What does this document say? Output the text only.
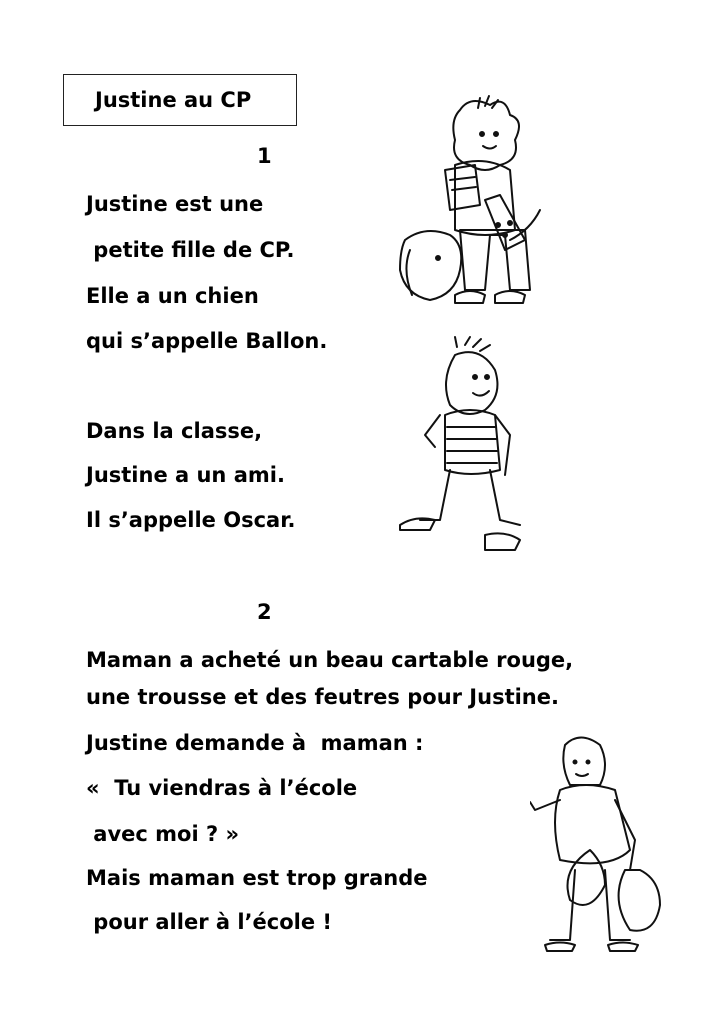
Justine au CP

1

Justine est une

petite fille de CP.

Elle a un chien

qui s’appelle Ballon.

Dans la classe,

Justine a un ami.

Il s’appelle Oscar.

2

Maman a acheté un beau cartable rouge,

une trousse et des feutres pour Justine.

Justine demande à  maman :

«  Tu viendras à l’école

avec moi ? »

Mais maman est trop grande

pour aller à l’école !
